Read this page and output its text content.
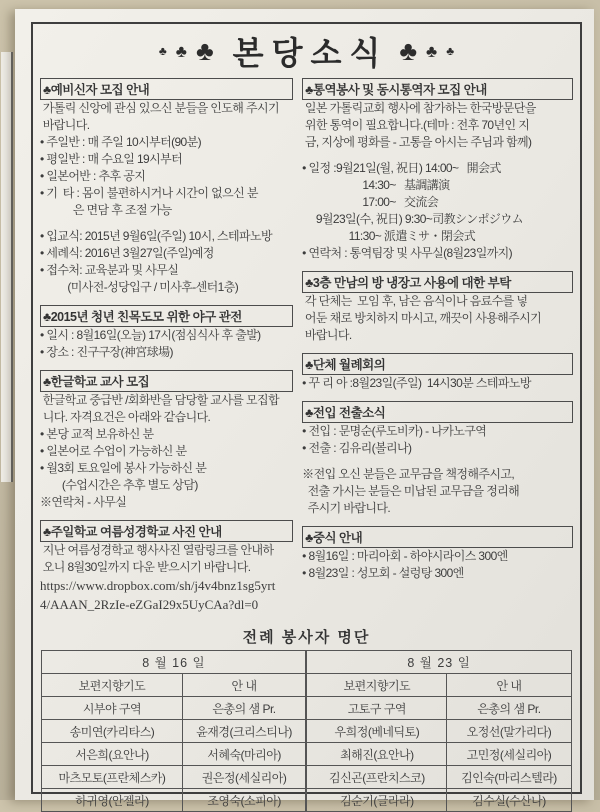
♣ ♣ ♣ 본당소식 ♣ ♣ ♣
♣예비신자 모집 안내
가톨릭 신앙에 관심 있으신 분들을 인도해 주시기
바랍니다.
• 주일반 : 매 주일 10시부터(90분)
• 평일반 : 매 수요일 19시부터
• 일본어반 : 추후 공지
• 기  타 : 몸이 불편하시거나 시간이 없으신 분
은 면담 후 조절 가능
• 입교식: 2015년 9월6일(주일) 10시, 스테파노방
• 세례식: 2016년 3월27일(주일)예정
• 접수처: 교육분과 및 사무실
(미사전-성당입구 / 미사후-센터1층)
♣2015년 청년 친목도모 위한 야구 관전
• 일시 : 8월16일(오늘) 17시(점심식사 후 출발)
• 장소 : 진구구장(神宮球場)
♣한글학교 교사 모집
한글학교 중급반 /회화반을 담당할 교사를 모집합
니다. 자격요건은 아래와 같습니다.
• 본당 교적 보유하신 분
• 일본어로 수업이 가능하신 분
• 월3회 토요일에 봉사 가능하신 분
(수업시간은 추후 별도 상담)
※연락처 - 사무실
♣주일학교 여름성경학교 사진 안내
지난 여름성경학교 행사사진 열람링크를 안내하
오니 8월30일까지 다운 받으시기 바랍니다.
https://www.dropbox.com/sh/j4v4bnz1sg5yrt
4/AAAN_2RzIe-eZGaI29x5UyCAa?dl=0
♣통역봉사 및 동시통역자 모집 안내
일본 가톨릭교회 행사에 참가하는 한국방문단을
위한 통역이 필요합니다.(테마 : 전후 70년인 지
금, 지상에 평화를 - 고통을 아시는 주님과 함께)
• 일정 :9월21일(월, 祝日) 14:00~   開会式
14:30~   基調講演
17:00~   交流会
9월23일(수, 祝日) 9:30~司教シンポジウム
11:30~ 派遣ミサ・閉会式
• 연락처 : 통역팀장 및 사무실(8월23일까지)
♣3층 만남의 방 냉장고 사용에 대한 부탁
각 단체는  모임 후, 남은 음식이나 음료수를 넣
어둔 채로 방치하지 마시고, 깨끗이 사용해주시기
바랍니다.
♣단체 월례회의
• 꾸 리 아 :8월23일(주일)  14시30분 스테파노방
♣전입 전출소식
• 전입 : 문명순(루도비카) - 나카노구역
• 전출 : 김유리(볼리나)
※전입 오신 분들은 교무금을 책정해주시고,
전출 가시는 분들은 미납된 교무금을 정리해
주시기 바랍니다.
♣중식 안내
• 8월16일 : 마리아회 - 하야시라이스 300엔
• 8월23일 : 성모회 - 설렁탕 300엔
전례 봉사자 명단
8 월 16 일		8 월 23 일	
보편지향기도	안 내	보편지향기도	안 내
시부야 구역	은총의 샘 Pr.	고토구 구역	은총의 샘 Pr.
송미연(카리타스)	윤재경(크리스티나)	우희정(베네딕토)	오정선(말가리다)
서은희(요안나)	서혜숙(마리아)	최해진(요안나)	고민정(세실리아)
마츠모토(프란체스카)	권은정(세실리아)	김신곤(프란치스코)	김인숙(마리스텔라)
하귀영(안젤라)	조영숙(소피아)	김순기(글라라)	김수실(수산나)
